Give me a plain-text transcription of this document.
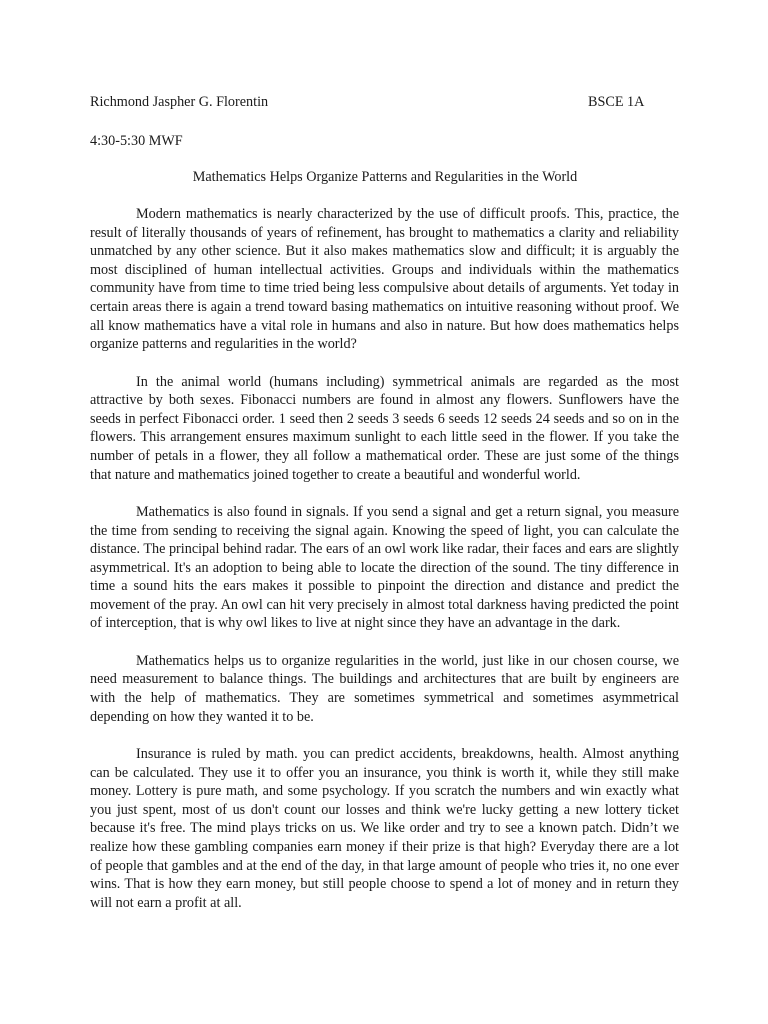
Richmond Jaspher G. Florentin	BSCE 1A
4:30-5:30 MWF
Mathematics Helps Organize Patterns and Regularities in the World

Modern mathematics is nearly characterized by the use of difficult proofs. This, practice, the result of literally thousands of years of refinement, has brought to mathematics a clarity and reliability unmatched by any other science. But it also makes mathematics slow and difficult; it is arguably the most disciplined of human intellectual activities. Groups and individuals within the mathematics community have from time to time tried being less compulsive about details of arguments. Yet today in certain areas there is again a trend toward basing mathematics on intuitive reasoning without proof. We all know mathematics have a vital role in humans and also in nature. But how does mathematics helps organize patterns and regularities in the world?

In the animal world (humans including) symmetrical animals are regarded as the most attractive by both sexes. Fibonacci numbers are found in almost any flowers. Sunflowers have the seeds in perfect Fibonacci order. 1 seed then 2 seeds 3 seeds 6 seeds 12 seeds 24 seeds and so on in the flowers. This arrangement ensures maximum sunlight to each little seed in the flower. If you take the number of petals in a flower, they all follow a mathematical order. These are just some of the things that nature and mathematics joined together to create a beautiful and wonderful world.

Mathematics is also found in signals. If you send a signal and get a return signal, you measure the time from sending to receiving the signal again. Knowing the speed of light, you can calculate the distance. The principal behind radar. The ears of an owl work like radar, their faces and ears are slightly asymmetrical. It's an adoption to being able to locate the direction of the sound. The tiny difference in time a sound hits the ears makes it possible to pinpoint the direction and distance and predict the movement of the pray. An owl can hit very precisely in almost total darkness having predicted the point of interception, that is why owl likes to live at night since they have an advantage in the dark.

Mathematics helps us to organize regularities in the world, just like in our chosen course, we need measurement to balance things. The buildings and architectures that are built by engineers are with the help of mathematics. They are sometimes symmetrical and sometimes asymmetrical depending on how they wanted it to be.

Insurance is ruled by math. you can predict accidents, breakdowns, health. Almost anything can be calculated. They use it to offer you an insurance, you think is worth it, while they still make money. Lottery is pure math, and some psychology. If you scratch the numbers and win exactly what you just spent, most of us don't count our losses and think we're lucky getting a new lottery ticket because it's free. The mind plays tricks on us. We like order and try to see a known patch. Didn’t we realize how these gambling companies earn money if their prize is that high? Everyday there are a lot of people that gambles and at the end of the day, in that large amount of people who tries it, no one ever wins. That is how they earn money, but still people choose to spend a lot of money and in return they will not earn a profit at all.
